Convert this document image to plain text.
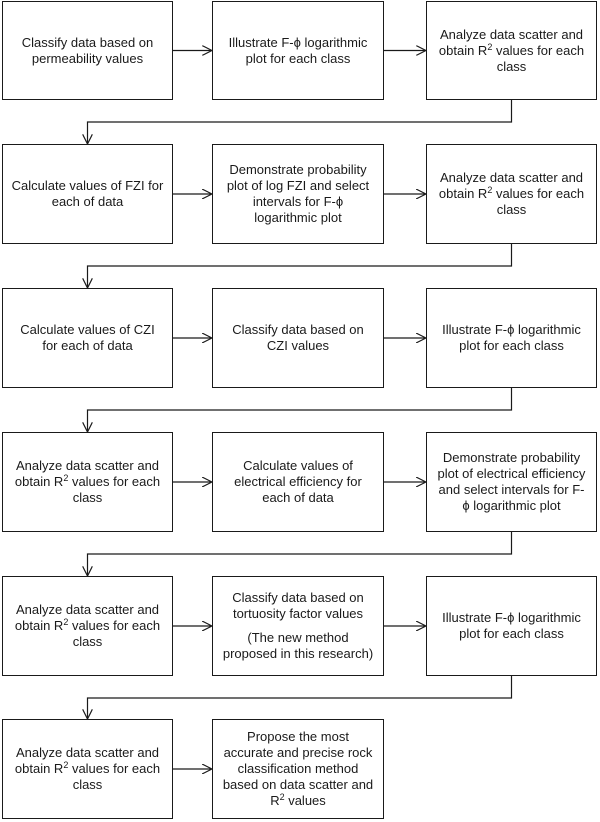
Classify data based on permeability values
Illustrate F-ϕ logarithmic plot for each class
Analyze data scatter and obtain $R^2$ values for each class
Calculate values of FZI for each of data
Demonstrate probability plot of log FZI and select intervals for F-ϕ logarithmic plot
Analyze data scatter and obtain $R^2$ values for each class
Calculate values of CZI for each of data
Classify data based on CZI values
Illustrate F-ϕ logarithmic plot for each class
Analyze data scatter and obtain $R^2$ values for each class
Calculate values of electrical efficiency for each of data
Demonstrate probability plot of electrical efficiency and select intervals for F-ϕ logarithmic plot
Analyze data scatter and obtain $R^2$ values for each class
Classify data based on tortuosity factor values
(The new method proposed in this research)
Illustrate F-ϕ logarithmic plot for each class
Analyze data scatter and obtain $R^2$ values for each class
Propose the most accurate and precise rock classification method based on data scatter and $R^2$ values
